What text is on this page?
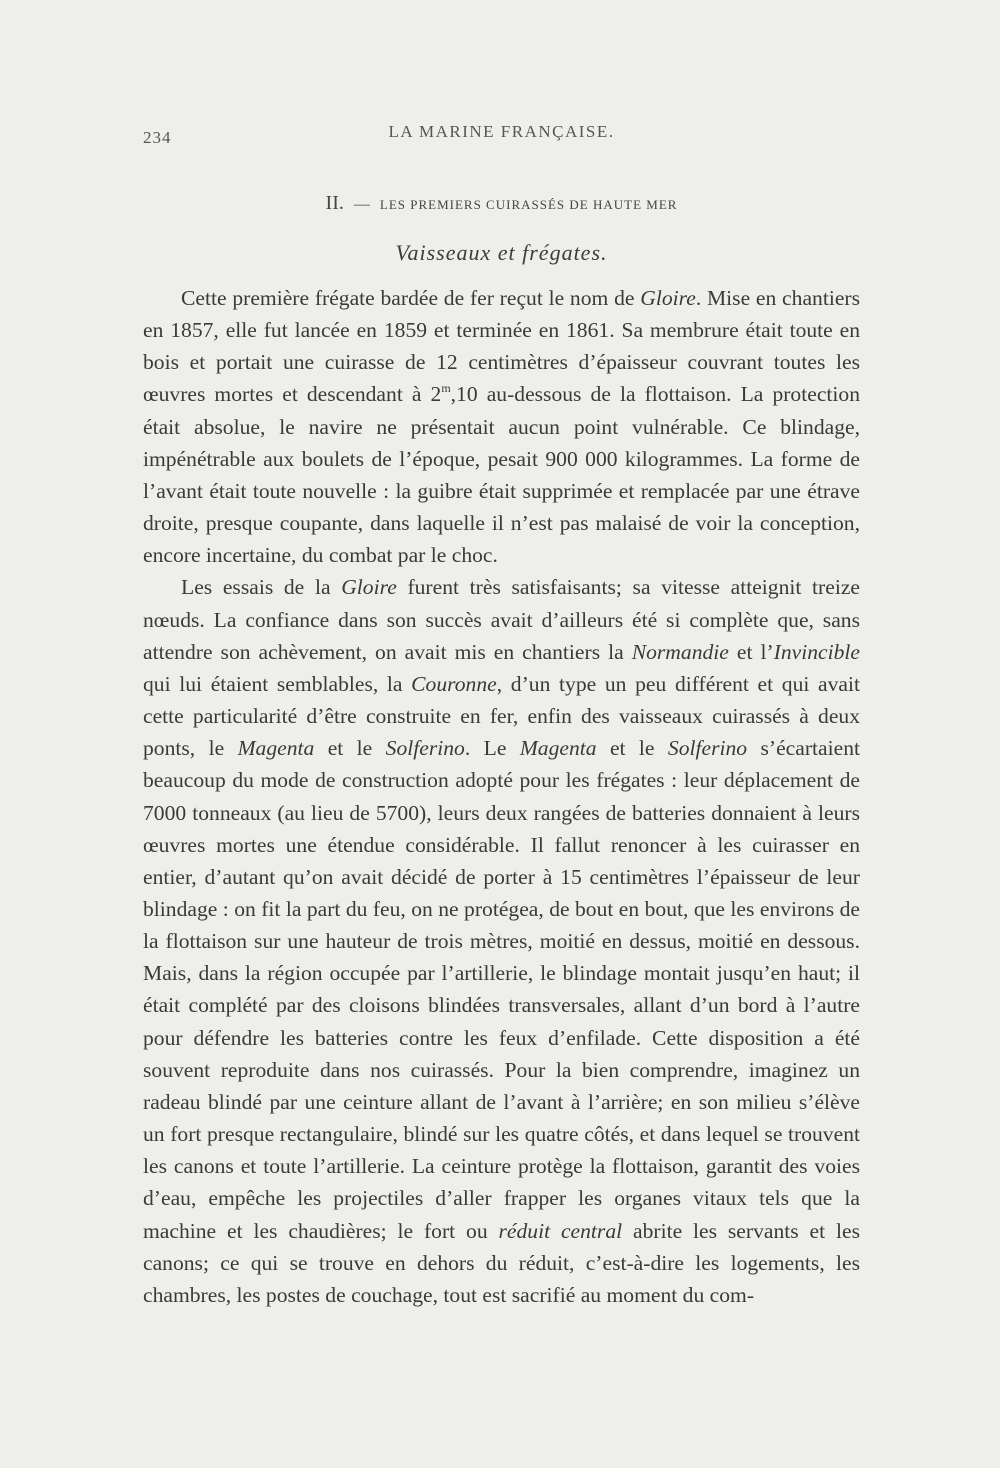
234	LA MARINE FRANÇAISE.
II. — LES PREMIERS CUIRASSÉS DE HAUTE MER
Vaisseaux et frégates.

Cette première frégate bardée de fer reçut le nom de Gloire. Mise en chantiers en 1857, elle fut lancée en 1859 et terminée en 1861. Sa membrure était toute en bois et portait une cuirasse de 12 centimètres d’épaisseur couvrant toutes les œuvres mortes et descendant à 2$^m$,10 au-dessous de la flottaison. La protection était absolue, le navire ne présentait aucun point vulnérable. Ce blindage, impénétrable aux boulets de l’époque, pesait 900 000 kilogrammes. La forme de l’avant était toute nouvelle : la guibre était supprimée et remplacée par une étrave droite, presque coupante, dans laquelle il n’est pas malaisé de voir la conception, encore incertaine, du combat par le choc.

Les essais de la Gloire furent très satisfaisants; sa vitesse atteignit treize nœuds. La confiance dans son succès avait d’ailleurs été si complète que, sans attendre son achèvement, on avait mis en chantiers la Normandie et l’Invincible qui lui étaient semblables, la Couronne, d’un type un peu différent et qui avait cette particularité d’être construite en fer, enfin des vaisseaux cuirassés à deux ponts, le Magenta et le Solferino. Le Magenta et le Solferino s’écartaient beaucoup du mode de construction adopté pour les frégates : leur déplacement de 7000 tonneaux (au lieu de 5700), leurs deux rangées de batteries donnaient à leurs œuvres mortes une étendue considérable. Il fallut renoncer à les cuirasser en entier, d’autant qu’on avait décidé de porter à 15 centimètres l’épaisseur de leur blindage : on fit la part du feu, on ne protégea, de bout en bout, que les environs de la flottaison sur une hauteur de trois mètres, moitié en dessus, moitié en dessous. Mais, dans la région occupée par l’artillerie, le blindage montait jusqu’en haut; il était complété par des cloisons blindées transversales, allant d’un bord à l’autre pour défendre les batteries contre les feux d’enfilade. Cette disposition a été souvent reproduite dans nos cuirassés. Pour la bien comprendre, imaginez un radeau blindé par une ceinture allant de l’avant à l’arrière; en son milieu s’élève un fort presque rectangulaire, blindé sur les quatre côtés, et dans lequel se trouvent les canons et toute l’artillerie. La ceinture protège la flottaison, garantit des voies d’eau, empêche les projectiles d’aller frapper les organes vitaux tels que la machine et les chaudières; le fort ou réduit central abrite les servants et les canons; ce qui se trouve en dehors du réduit, c’est-à-dire les logements, les chambres, les postes de couchage, tout est sacrifié au moment du com-
